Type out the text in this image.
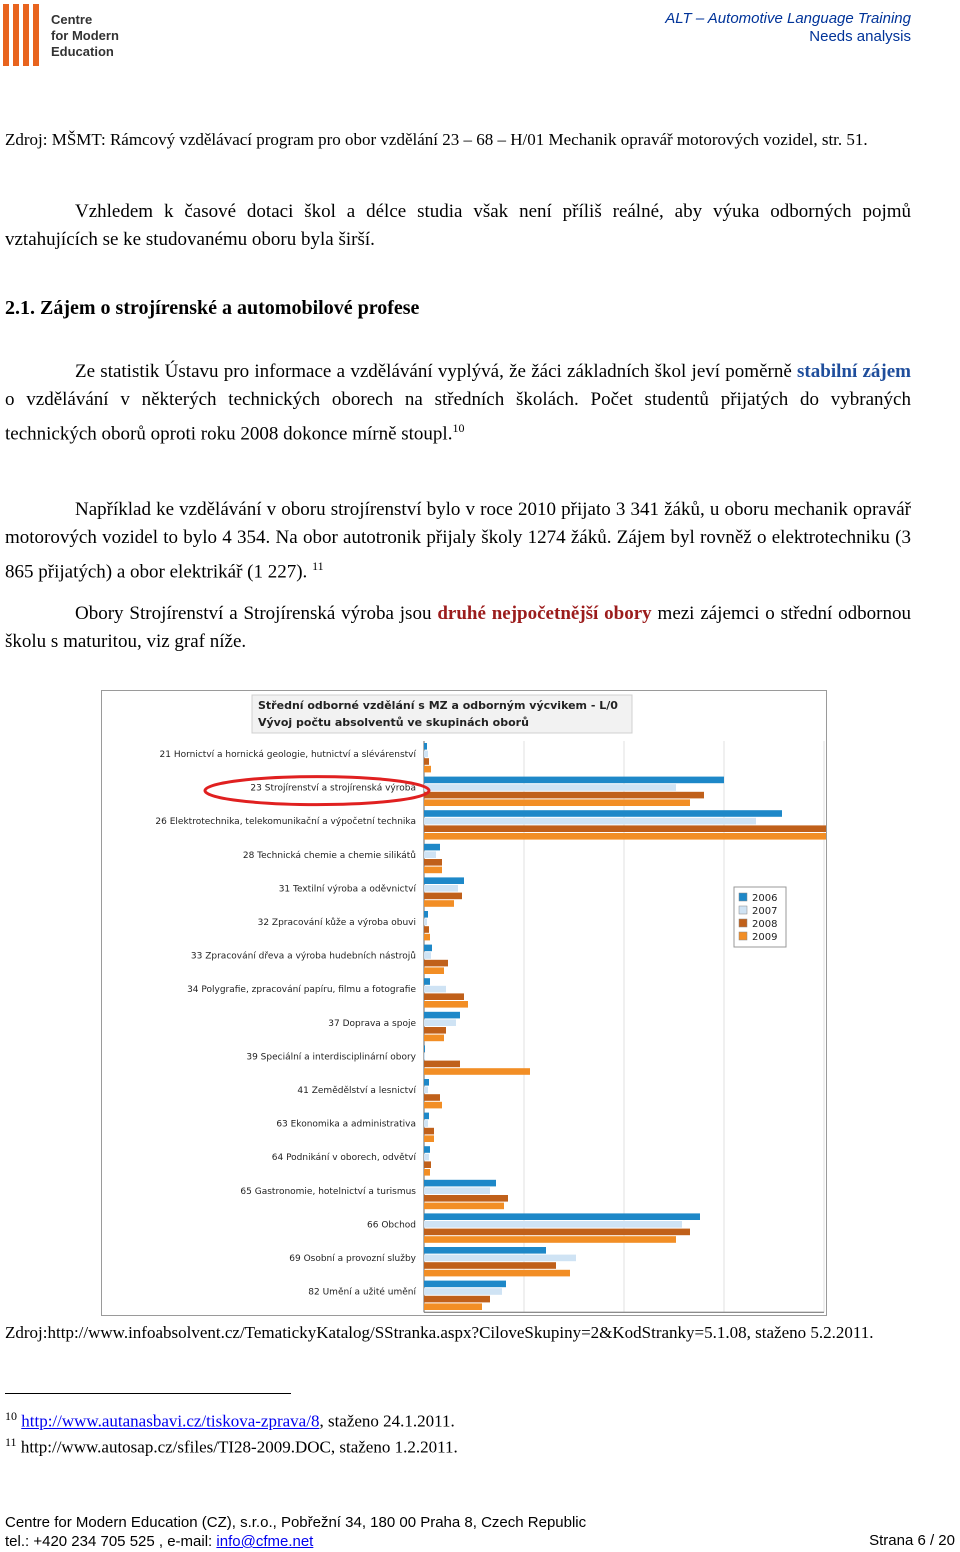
Centre
for Modern
Education
ALT – Automotive Language Training
Needs analysis
Zdroj: MŠMT: Rámcový vzdělávací program pro obor vzdělání 23 – 68 – H/01 Mechanik opravář motorových vozidel, str. 51.
Vzhledem k časové dotaci škol a délce studia však není příliš reálné, aby výuka odborných pojmů vztahujících se ke studovanému oboru byla širší.
2.1. Zájem o strojírenské a automobilové profese
Ze statistik Ústavu pro informace a vzdělávání vyplývá, že žáci základních škol jeví poměrně stabilní zájem o vzdělávání v některých technických oborech na středních školách. Počet studentů přijatých do vybraných technických oborů oproti roku 2008 dokonce mírně stoupl.$^{10}$
Například ke vzdělávání v oboru strojírenství bylo v roce 2010 přijato 3 341 žáků, u oboru mechanik opravář motorových vozidel to bylo 4 354. Na obor autotronik přijaly školy 1274 žáků. Zájem byl rovněž o elektrotechniku (3 865 přijatých) a obor elektrikář (1 227). $^{11}$
Obory Strojírenství a Strojírenská výroba jsou druhé nejpočetnější obory mezi zájemci o střední odbornou školu s maturitou, viz graf níže.
Střední odborné vzdělání s MZ a odborným výcvikem - L/0
Vývoj počtu absolventů ve skupinách oborů
21 Hornictví a hornická geologie, hutnictví a slévárenství
23 Strojírenství a strojírenská výroba
26 Elektrotechnika, telekomunikační a výpočetní technika
28 Technická chemie a chemie silikátů
31 Textilní výroba a oděvnictví
32 Zpracování kůže a výroba obuvi
33 Zpracování dřeva a výroba hudebních nástrojů
34 Polygrafie, zpracování papíru, filmu a fotografie
37 Doprava a spoje
39 Speciální a interdisciplinární obory
41 Zemědělství a lesnictví
63 Ekonomika a administrativa
64 Podnikání v oborech, odvětví
65 Gastronomie, hotelnictví a turismus
66 Obchod
69 Osobní a provozní služby
82 Umění a užité umění
2006
2007
2008
2009
Zdroj:http://www.infoabsolvent.cz/TematickyKatalog/SStranka.aspx?CiloveSkupiny=2&KodStranky=5.1.08, staženo 5.2.2011.
$^{10}$ http://www.autanasbavi.cz/tiskova-zprava/8, staženo 24.1.2011.
$^{11}$ http://www.autosap.cz/sfiles/TI28-2009.DOC, staženo 1.2.2011.
Centre for Modern Education (CZ), s.r.o., Pobřežní 34, 180 00 Praha 8, Czech Republic
tel.: +420 234 705 525 , e-mail: info@cfme.net	Strana 6 / 20
